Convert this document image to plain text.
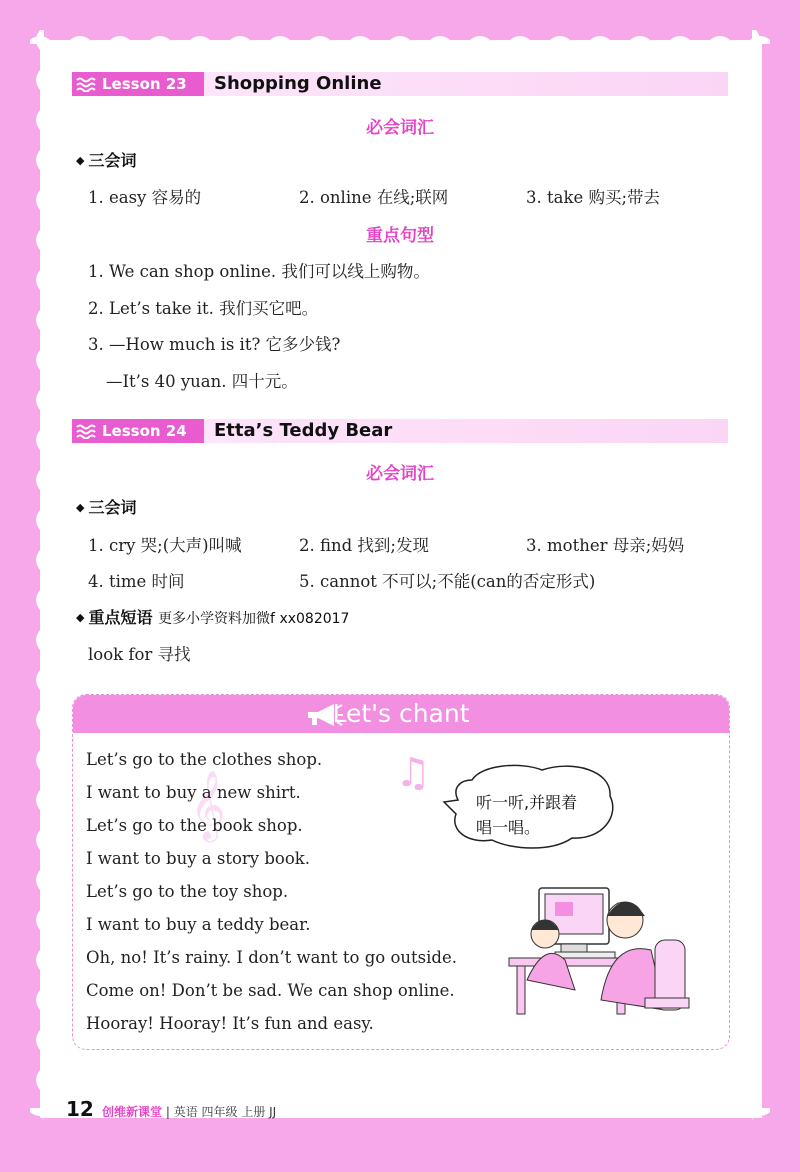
Lesson 23 Shopping Online
必会词汇
◆ 三会词
1. easy 容易的	2. online 在线;联网	3. take 购买;带去
重点句型
1. We can shop online. 我们可以线上购物。
2. Let’s take it. 我们买它吧。
3. —How much is it? 它多少钱?
—It’s 40 yuan. 四十元。
Lesson 24 Etta’s Teddy Bear
必会词汇
◆ 三会词
1. cry 哭;(大声)叫喊	2. find 找到;发现	3. mother 母亲;妈妈
4. time 时间	5. cannot 不可以;不能(can的否定形式)
◆ 重点短语 更多小学资料加微f xx082017
look for 寻找
Let's chant
♫
𝄞
Let’s go to the clothes shop.
I want to buy a new shirt.
Let’s go to the book shop.
I want to buy a story book.
Let’s go to the toy shop.
I want to buy a teddy bear.
Oh, no! It’s rainy. I don’t want to go outside.
Come on! Don’t be sad. We can shop online.
Hooray! Hooray! It’s fun and easy.
听一听,并跟着
唱一唱。
12 创维新课堂 | 英语 四年级 上册 JJ
